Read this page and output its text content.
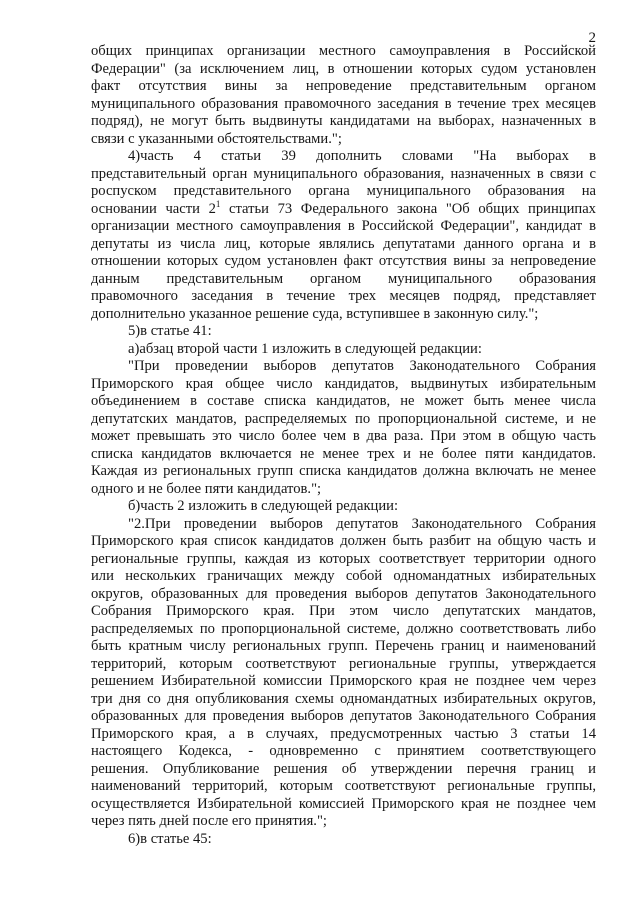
2
общих принципах организации местного самоуправления в Российской
Федерации" (за исключением лиц, в отношении которых судом установлен
факт отсутствия вины за непроведение представительным органом
муниципального образования правомочного заседания в течение трех месяцев
подряд), не могут быть выдвинуты кандидатами на выборах, назначенных в
связи с указанными обстоятельствами.";
4)часть 4 статьи 39 дополнить словами "На выборах в
представительный орган муниципального образования, назначенных в связи с
роспуском представительного органа муниципального образования на
основании части $2^1$ статьи 73 Федерального закона "Об общих принципах
организации местного самоуправления в Российской Федерации", кандидат в
депутаты из числа лиц, которые являлись депутатами данного органа и в
отношении которых судом установлен факт отсутствия вины за непроведение
данным представительным органом муниципального образования
правомочного заседания в течение трех месяцев подряд, представляет
дополнительно указанное решение суда, вступившее в законную силу.";
5)в статье 41:
а)абзац второй части 1 изложить в следующей редакции:
"При проведении выборов депутатов Законодательного Собрания
Приморского края общее число кандидатов, выдвинутых избирательным
объединением в составе списка кандидатов, не может быть менее числа
депутатских мандатов, распределяемых по пропорциональной системе, и не
может превышать это число более чем в два раза. При этом в общую часть
списка кандидатов включается не менее трех и не более пяти кандидатов.
Каждая из региональных групп списка кандидатов должна включать не менее
одного и не более пяти кандидатов.";
б)часть 2 изложить в следующей редакции:
"2.При проведении выборов депутатов Законодательного Собрания
Приморского края список кандидатов должен быть разбит на общую часть и
региональные группы, каждая из которых соответствует территории одного
или нескольких граничащих между собой одномандатных избирательных
округов, образованных для проведения выборов депутатов Законодательного
Собрания Приморского края. При этом число депутатских мандатов,
распределяемых по пропорциональной системе, должно соответствовать либо
быть кратным числу региональных групп. Перечень границ и наименований
территорий, которым соответствуют региональные группы, утверждается
решением Избирательной комиссии Приморского края не позднее чем через
три дня со дня опубликования схемы одномандатных избирательных округов,
образованных для проведения выборов депутатов Законодательного Собрания
Приморского края, а в случаях, предусмотренных частью 3 статьи 14
настоящего Кодекса, - одновременно с принятием соответствующего
решения. Опубликование решения об утверждении перечня границ и
наименований территорий, которым соответствуют региональные группы,
осуществляется Избирательной комиссией Приморского края не позднее чем
через пять дней после его принятия.";
6)в статье 45:
